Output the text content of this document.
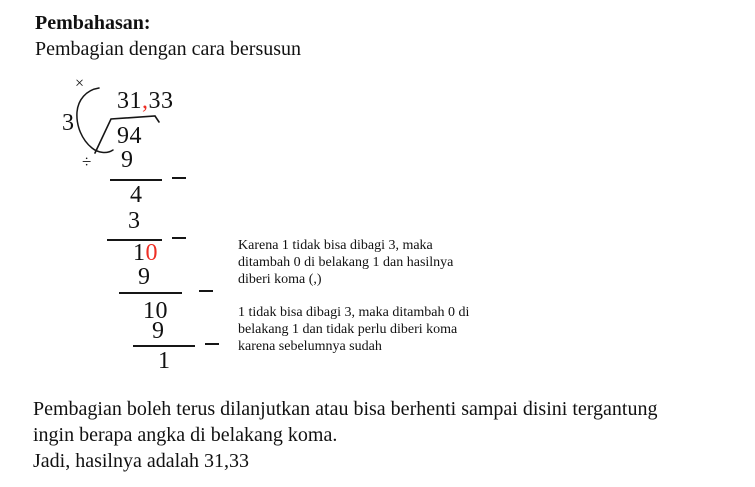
Pembahasan:
Pembagian dengan cara bersusun
×
÷
3
31,33
94
9
4
3
10
9
10
9
1
Karena 1 tidak bisa dibagi 3, maka
ditambah 0 di belakang 1 dan hasilnya
diberi koma (,)
1 tidak bisa dibagi 3, maka ditambah 0 di
belakang 1 dan tidak perlu diberi koma
karena sebelumnya sudah
Pembagian boleh terus dilanjutkan atau bisa berhenti sampai disini tergantung
ingin berapa angka di belakang koma.
Jadi, hasilnya adalah 31,33
